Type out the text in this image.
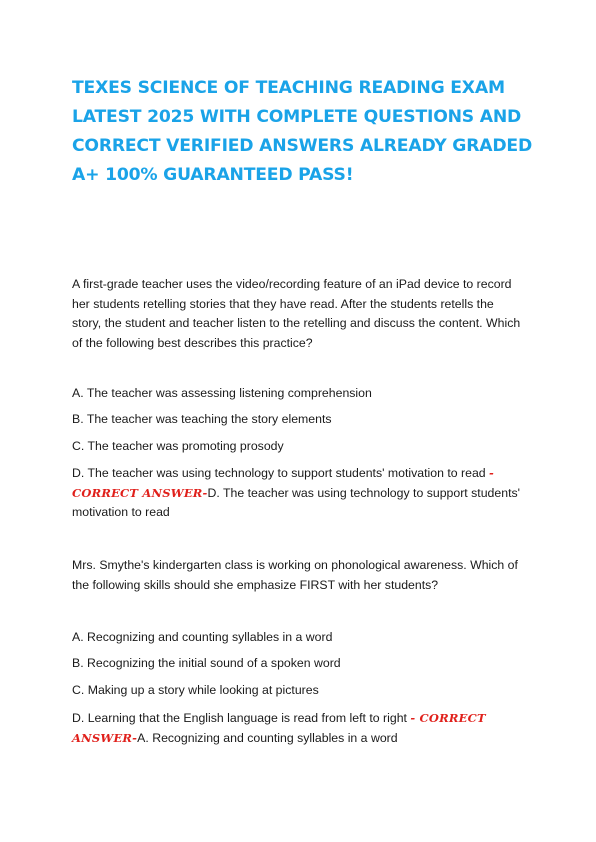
TEXES SCIENCE OF TEACHING READING EXAM LATEST 2025 WITH COMPLETE QUESTIONS AND CORRECT VERIFIED ANSWERS ALREADY GRADED A+ 100% GUARANTEED PASS!

A first-grade teacher uses the video/recording feature of an iPad device to record her students retelling stories that they have read. After the students retells the story, the student and teacher listen to the retelling and discuss the content. Which of the following best describes this practice?

A. The teacher was assessing listening comprehension

B. The teacher was teaching the story elements

C. The teacher was promoting prosody

D. The teacher was using technology to support students' motivation to read - CORRECT ANSWER-D. The teacher was using technology to support students' motivation to read

Mrs. Smythe's kindergarten class is working on phonological awareness. Which of the following skills should she emphasize FIRST with her students?

A. Recognizing and counting syllables in a word

B. Recognizing the initial sound of a spoken word

C. Making up a story while looking at pictures

D. Learning that the English language is read from left to right - CORRECT ANSWER-A. Recognizing and counting syllables in a word
